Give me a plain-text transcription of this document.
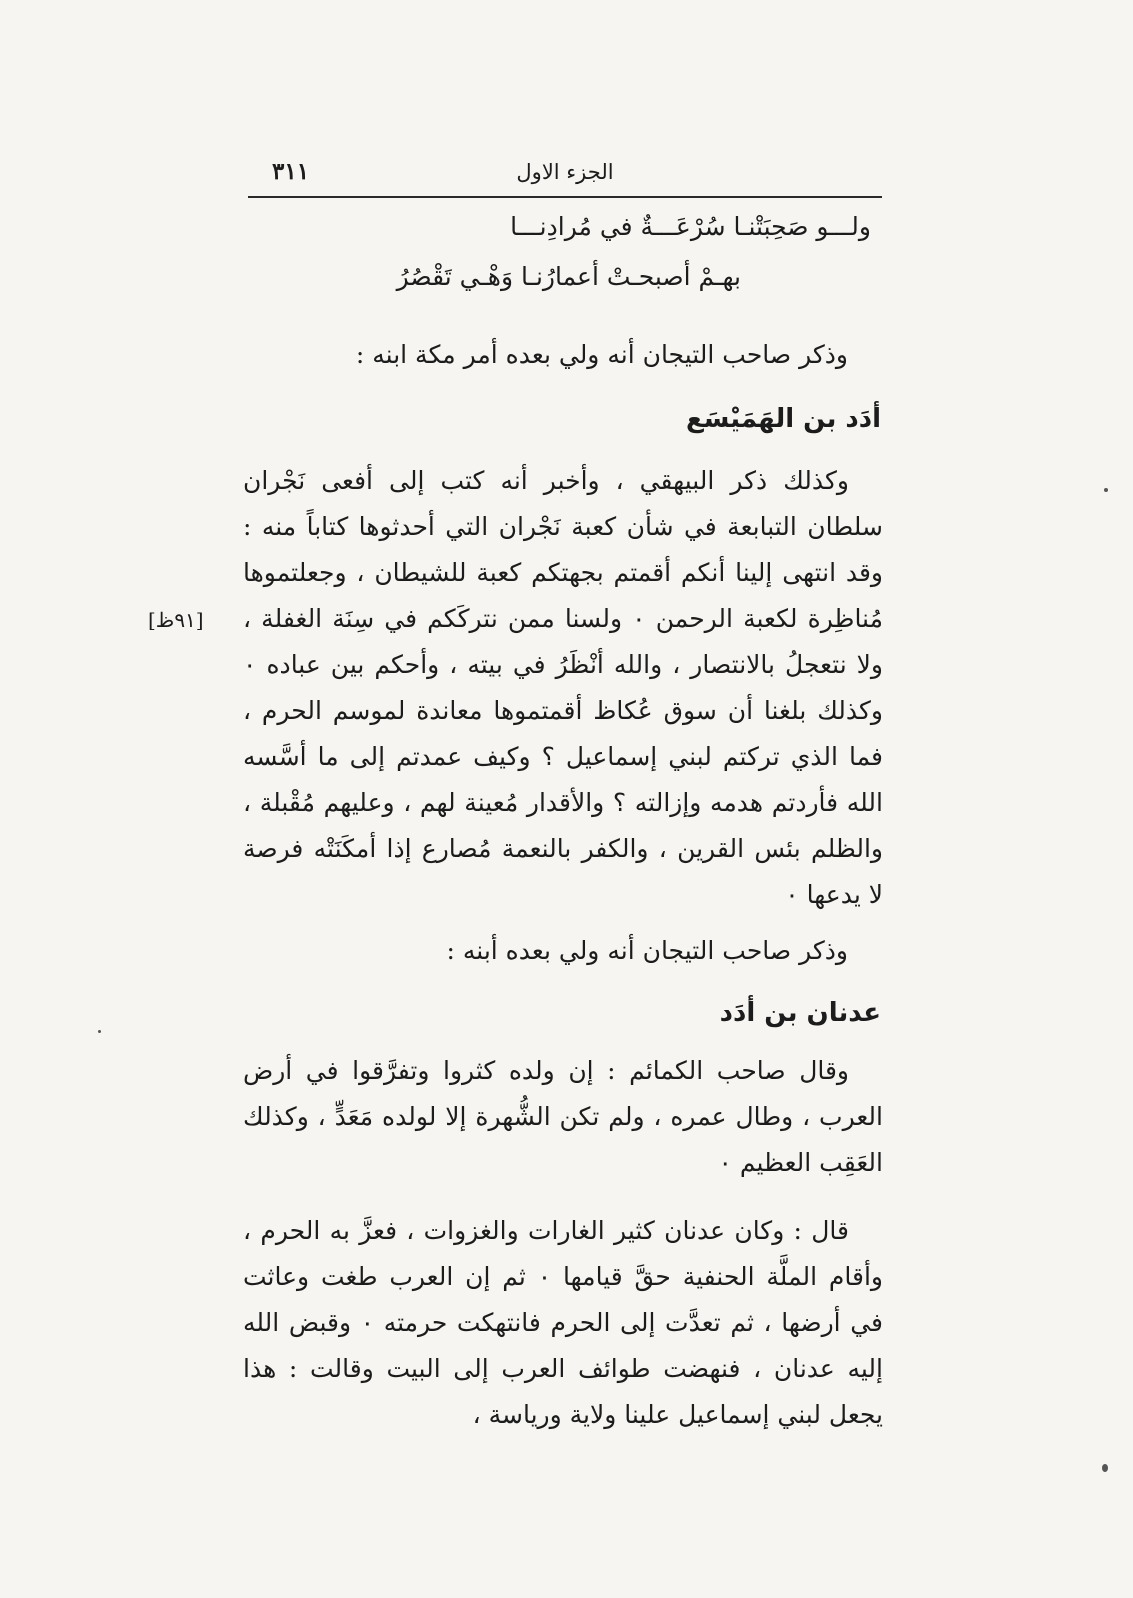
الجزء الاول
٣١١
ولـــو صَحِبَتْنـا سُرْعَـــةٌ في مُرادِنـــا
بهـمْ أصبحـتْ أعمارُنـا وَهْـي تَقْصُرُ
وذكر صاحب التيجان أنه ولي بعده أمر مكة ابنه :
أدَد بن الهَمَيْسَع
وكذلك ذكر البيهقي ، وأخبر أنه كتب إلى أفعى نَجْران سلطان التبابعة في شأن كعبة نَجْران التي أحدثوها كتاباً منه : وقد انتهى إلينا أنكم أقمتم بجهتكم كعبة للشيطان ، وجعلتموها مُناظِرة لكعبة الرحمن ٠ ولسنا ممن نتركَكم في سِنَة الغفلة ، ولا نتعجلُ بالانتصار ، والله أنْظَرُ في بيته ، وأحكم بين عباده ٠ وكذلك بلغنا أن سوق عُكاظ أقمتموها معاندة لموسم الحرم ، فما الذي تركتم لبني إسماعيل ؟ وكيف عمدتم إلى ما أسَّسه الله فأردتم هدمه وإزالته ؟ والأقدار مُعينة لهم ، وعليهم مُقْبلة ، والظلم بئس القرين ، والكفر بالنعمة مُصارع إذا أمكَنَتْه فرصة لا يدعها ٠
[٩١ظ]
وذكر صاحب التيجان أنه ولي بعده أبنه :
عدنان بن أدَد
وقال صاحب الكمائم : إن ولده كثروا وتفرَّقوا في أرض العرب ، وطال عمره ، ولم تكن الشُّهرة إلا لولده مَعَدٍّ ، وكذلك العَقِب العظيم ٠
قال : وكان عدنان كثير الغارات والغزوات ، فعزَّ به الحرم ، وأقام الملَّة الحنفية حقَّ قيامها ٠ ثم إن العرب طغت وعاثت في أرضها ، ثم تعدَّت إلى الحرم فانتهكت حرمته ٠ وقبض الله إليه عدنان ، فنهضت طوائف العرب إلى البيت وقالت : هذا يجعل لبني إسماعيل علينا ولاية ورياسة ،
